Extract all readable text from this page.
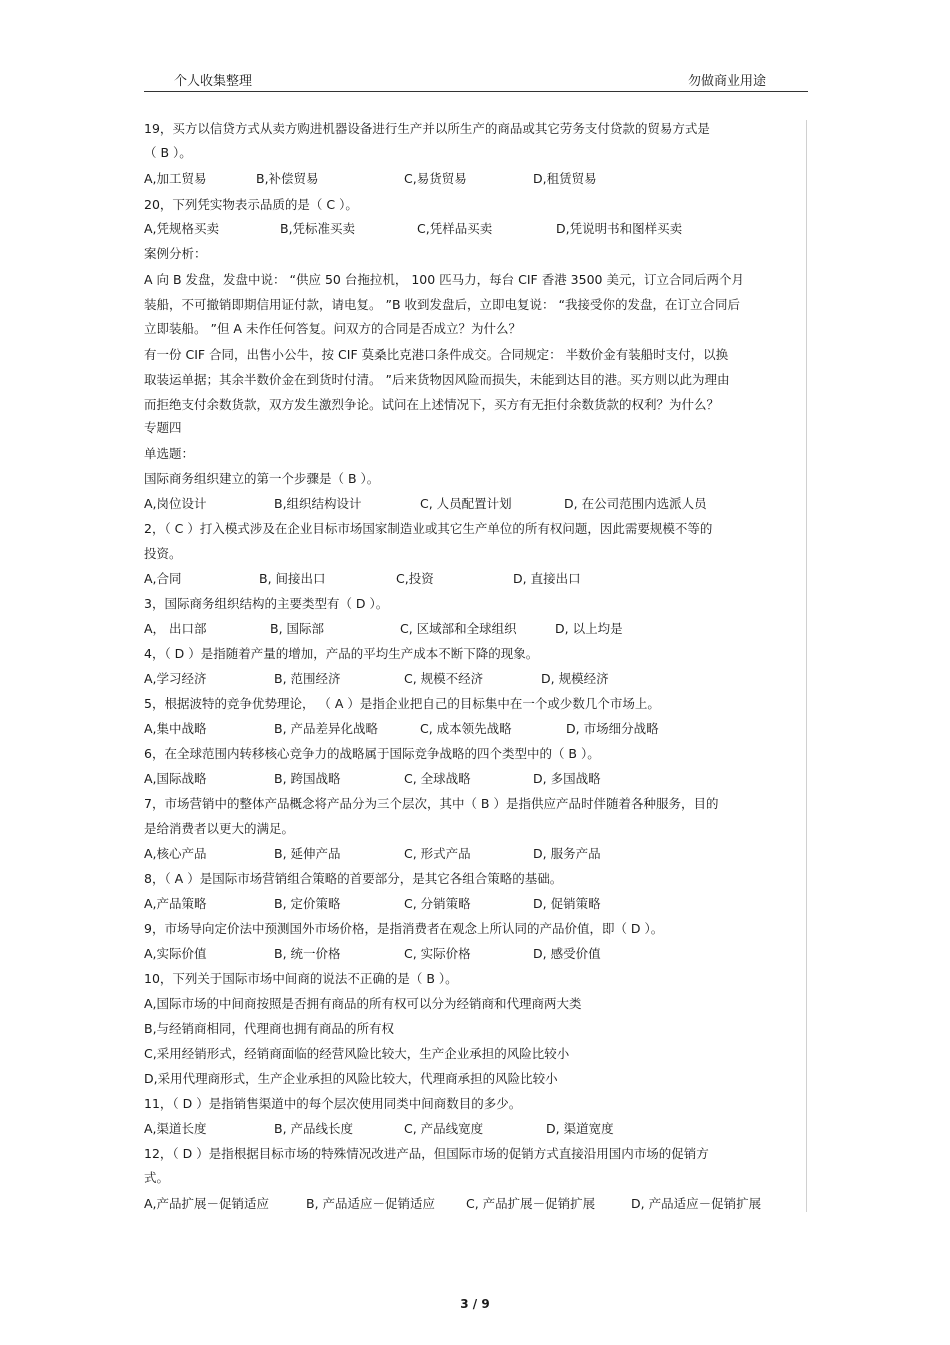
个人收集整理	勿做商业用途
19，买方以信贷方式从卖方购进机器设备进行生产并以所生产的商品或其它劳务支付贷款的贸易方式是
（ B ）。
A,加工贸易	B,补偿贸易	C,易货贸易	D,租赁贸易
20，下列凭实物表示品质的是（ C ）。
A,凭规格买卖	B,凭标准买卖	C,凭样品买卖	D,凭说明书和图样买卖
案例分析：
A 向 B 发盘，发盘中说： “供应 50 台拖拉机， 100 匹马力，每台 CIF 香港 3500 美元，订立合同后两个月
装船，不可撤销即期信用证付款，请电复。 ”B 收到发盘后，立即电复说： “我接受你的发盘，在订立合同后
立即装船。 ”但 A 未作任何答复。问双方的合同是否成立？为什么？
有一份 CIF 合同，出售小公牛，按 CIF 莫桑比克港口条件成交。合同规定： 半数价金有装船时支付，以换
取装运单据；其余半数价金在到货时付清。 ”后来货物因风险而损失，未能到达目的港。买方则以此为理由
而拒绝支付余数货款，双方发生激烈争论。试问在上述情况下，买方有无拒付余数货款的权利？为什么？
专题四
单选题：
国际商务组织建立的第一个步骤是（ B ）。
A,岗位设计	B,组织结构设计	C, 人员配置计划	D, 在公司范围内选派人员
2，（ C ）打入模式涉及在企业目标市场国家制造业或其它生产单位的所有权问题，因此需要规模不等的
投资。
A,合同	B, 间接出口	C,投资	D, 直接出口
3，国际商务组织结构的主要类型有（ D ）。
A， 出口部	B, 国际部	C, 区域部和全球组织	D, 以上均是
4，（ D ）是指随着产量的增加，产品的平均生产成本不断下降的现象。
A,学习经济	B, 范围经济	C, 规模不经济	D, 规模经济
5，根据波特的竞争优势理论， （ A ）是指企业把自己的目标集中在一个或少数几个市场上。
A,集中战略	B, 产品差异化战略	C, 成本领先战略	D, 市场细分战略
6，在全球范围内转移核心竞争力的战略属于国际竞争战略的四个类型中的（ B ）。
A,国际战略	B, 跨国战略	C, 全球战略	D, 多国战略
7，市场营销中的整体产品概念将产品分为三个层次，其中（ B ）是指供应产品时伴随着各种服务，目的
是给消费者以更大的满足。
A,核心产品	B, 延伸产品	C, 形式产品	D, 服务产品
8，（ A ）是国际市场营销组合策略的首要部分，是其它各组合策略的基础。
A,产品策略	B, 定价策略	C, 分销策略	D, 促销策略
9，市场导向定价法中预测国外市场价格，是指消费者在观念上所认同的产品价值，即（ D ）。
A,实际价值	B, 统一价格	C, 实际价格	D, 感受价值
10，下列关于国际市场中间商的说法不正确的是（ B ）。
A,国际市场的中间商按照是否拥有商品的所有权可以分为经销商和代理商两大类
B,与经销商相同，代理商也拥有商品的所有权
C,采用经销形式，经销商面临的经营风险比较大，生产企业承担的风险比较小
D,采用代理商形式，生产企业承担的风险比较大，代理商承担的风险比较小
11，（ D ）是指销售渠道中的每个层次使用同类中间商数目的多少。
A,渠道长度	B, 产品线长度	C, 产品线宽度	D, 渠道宽度
12，（ D ）是指根据目标市场的特殊情况改进产品，但国际市场的促销方式直接沿用国内市场的促销方
式。
A,产品扩展－促销适应	B, 产品适应－促销适应 C, 产品扩展－促销扩展	D, 产品适应－促销扩展
3 / 9
